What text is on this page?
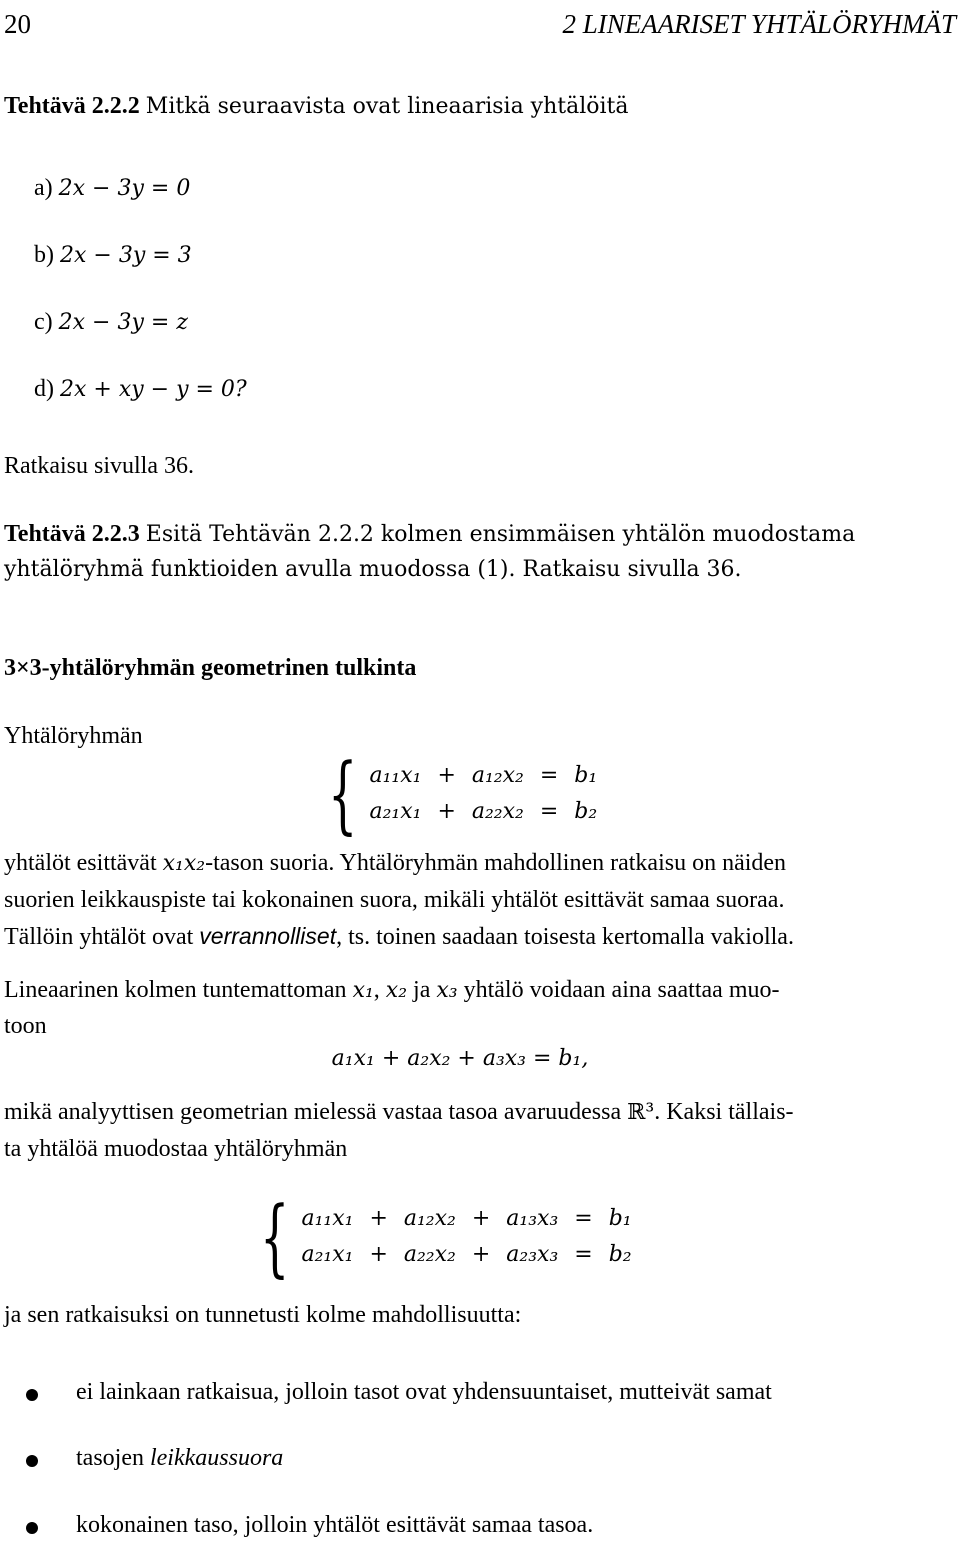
20	2 LINEAARISET YHTÄLÖRYHMÄT
Tehtävä 2.2.2 Mitkä seuraavista ovat lineaarisia yhtälöitä
a) 2x − 3y = 0
b) 2x − 3y = 3
c) 2x − 3y = z
d) 2x + xy − y = 0?
Ratkaisu sivulla 36.
Tehtävä 2.2.3 Esitä Tehtävän 2.2.2 kolmen ensimmäisen yhtälön muodostama
yhtälöryhmä funktioiden avulla muodossa (1). Ratkaisu sivulla 36.
3×3-yhtälöryhmän geometrinen tulkinta
Yhtälöryhmän
{ a₁₁x₁	+	a₁₂x₂	=	b₁
a₂₁x₁	+	a₂₂x₂	=	b₂
yhtälöt esittävät x₁x₂-tason suoria. Yhtälöryhmän mahdollinen ratkaisu on näiden
suorien leikkauspiste tai kokonainen suora, mikäli yhtälöt esittävät samaa suoraa.
Tällöin yhtälöt ovat verrannolliset, ts. toinen saadaan toisesta kertomalla vakiolla.
Lineaarinen kolmen tuntemattoman x₁, x₂ ja x₃ yhtälö voidaan aina saattaa muo-
toon
a₁x₁ + a₂x₂ + a₃x₃ = b₁,
mikä analyyttisen geometrian mielessä vastaa tasoa avaruudessa ℝ³. Kaksi tällais-
ta yhtälöä muodostaa yhtälöryhmän
{ a₁₁x₁	+	a₁₂x₂	+	a₁₃x₃	=	b₁
a₂₁x₁	+	a₂₂x₂	+	a₂₃x₃	=	b₂
ja sen ratkaisuksi on tunnetusti kolme mahdollisuutta:
ei lainkaan ratkaisua, jolloin tasot ovat yhdensuuntaiset, mutteivät samat
tasojen leikkaussuora
kokonainen taso, jolloin yhtälöt esittävät samaa tasoa.
